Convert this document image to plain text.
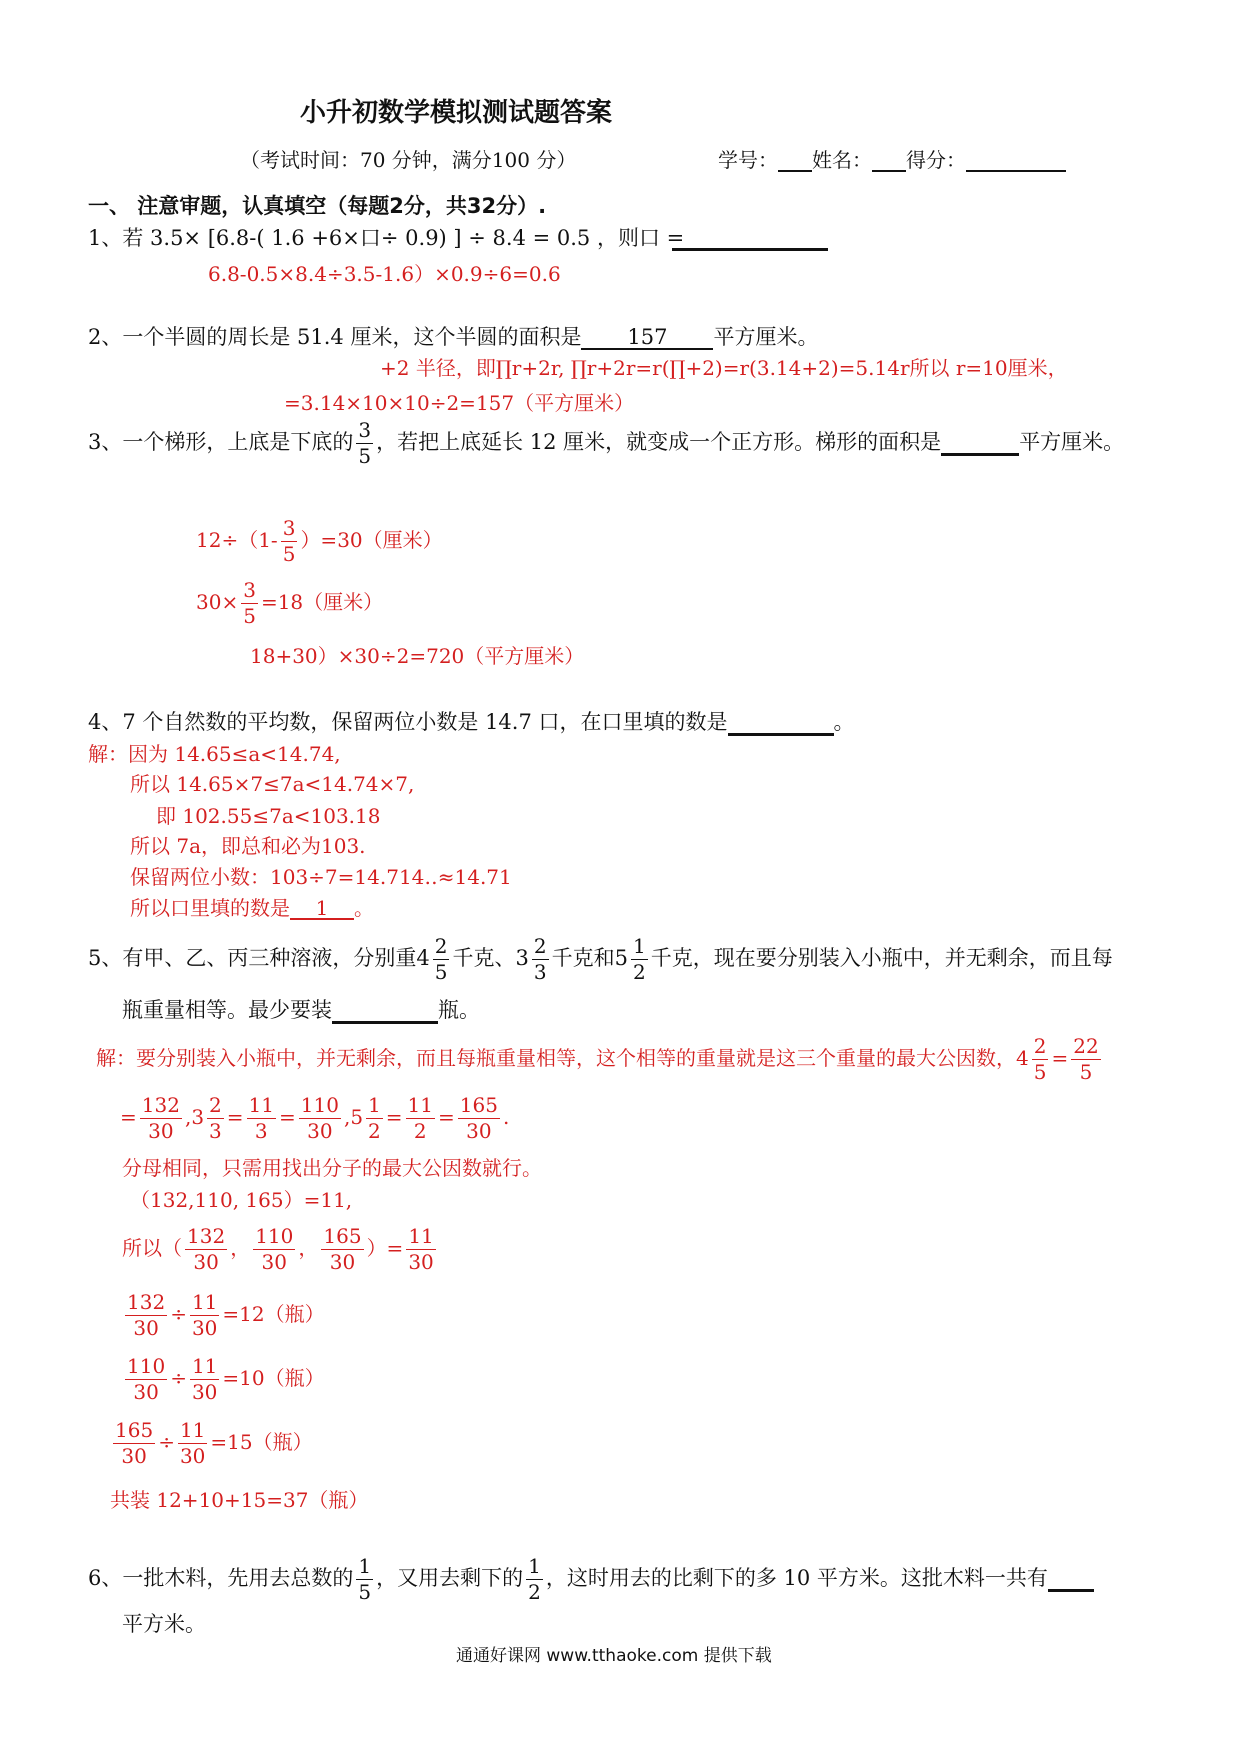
小升初数学模拟测试题答案
（考试时间：70 分钟，满分100 分）	学号： 姓名： 得分：
一、 注意审题，认真填空（每题2分，共32分）.
1、若 3.5× [6.8-( 1.6 +6×口÷ 0.9) ] ÷ 8.4 = 0.5 ，则口 =
6.8-0.5×8.4÷3.5-1.6）×0.9÷6=0.6
2、一个半圆的周长是 51.4 厘米，这个半圆的面积是 157 平方厘米。
+2 半径，即∏r+2r, ∏r+2r=r(∏+2)=r(3.14+2)=5.14r所以 r=10厘米，
=3.14×10×10÷2=157（平方厘米）
3、一个梯形，上底是下底的 $\frac{3}{5}$ ，若把上底延长 12 厘米，就变成一个正方形。梯形的面积是	平方厘米。
$12\div(1- \frac{3}{5} )=30$（厘米）
$30\times \frac{3}{5} =18$（厘米）
18+30）×30÷2=720（平方厘米）
4、7 个自然数的平均数，保留两位小数是 14.7 口，在口里填的数是	。
解：因为 14.65≤a<14.74,
所以 14.65×7≤7a<14.74×7,
即 102.55≤7a<103.18
所以 7a，即总和必为103.
保留两位小数：103÷7=14.714‥≈14.71
所以口里填的数是 1 。
5、有甲、乙、丙三种溶液，分别重$4 \frac{2}{5}$ 千克、$3 \frac{2}{3}$ 千克和$5 \frac{1}{2}$ 千克，现在要分别装入小瓶中，并无剩余，而且每
瓶重量相等。最少要装	瓶。
解：要分别装入小瓶中，并无剩余，而且每瓶重量相等，这个相等的重量就是这三个重量的最大公因数，$4 \frac{2}{5} = \frac{22}{5}$
= $\frac{132}{30} ,3 \frac{2}{3} = \frac{11}{3} = \frac{110}{30} ,5 \frac{1}{2} = \frac{11}{2} = \frac{165}{30}$ .
分母相同，只需用找出分子的最大公因数就行。
（132,110, 165）=11,
所以（ $\frac{132}{30}$ ， $\frac{110}{30}$ ， $\frac{165}{30}$ ）= $\frac{11}{30}$
$\frac{132}{30} \div \frac{11}{30} =12$（瓶）
$\frac{110}{30} \div \frac{11}{30} =10$（瓶）
$\frac{165}{30} \div \frac{11}{30} =15$（瓶）
共装 12+10+15=37（瓶）
6、一批木料，先用去总数的 $\frac{1}{5}$ ，又用去剩下的 $\frac{1}{2}$ ，这时用去的比剩下的多 10 平方米。这批木料一共有
平方米。
通通好课网 www.tthaoke.com 提供下载
